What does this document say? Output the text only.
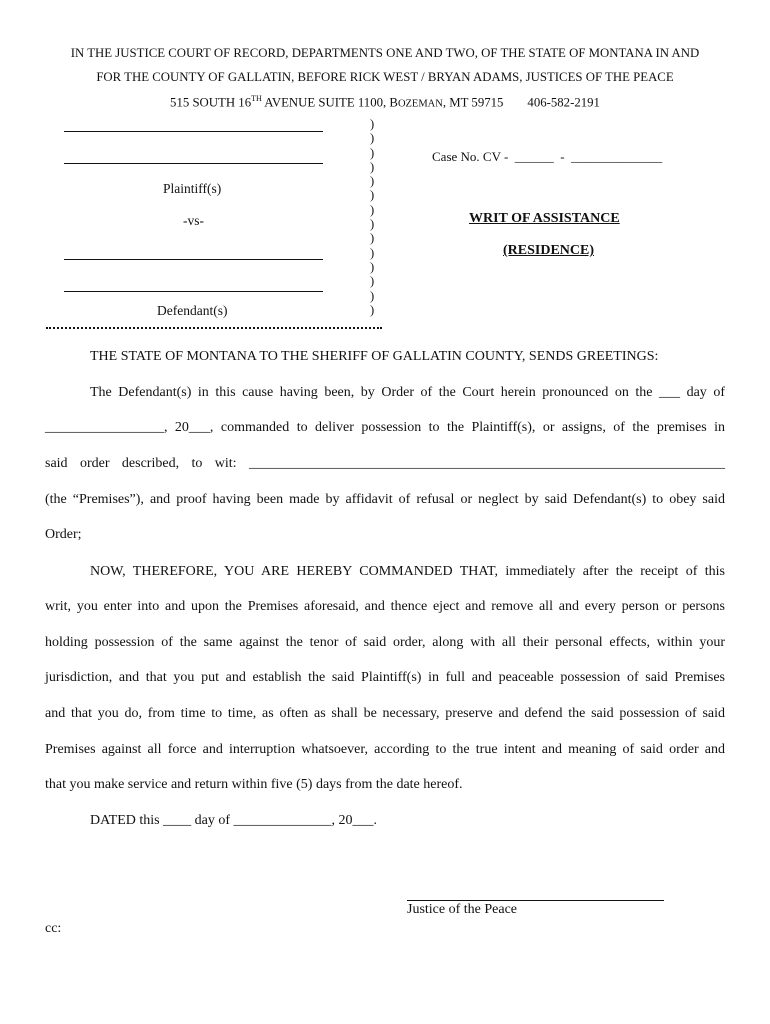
IN THE JUSTICE COURT OF RECORD, DEPARTMENTS ONE AND TWO, OF THE STATE OF MONTANA IN AND
FOR THE COUNTY OF GALLATIN, BEFORE RICK WEST / BRYAN ADAMS, JUSTICES OF THE PEACE
515 SOUTH 16TH AVENUE SUITE 1100, BOZEMAN, MT 59715 406-582-2191
Plaintiff(s)
-vs-
Defendant(s)
)
)
)
)
)
)
)
)
)
)
)
)
)
)
Case No. CV -  ______  -  ______________
WRIT OF ASSISTANCE
(RESIDENCE)
THE STATE OF MONTANA TO THE SHERIFF OF GALLATIN COUNTY, SENDS GREETINGS:
The Defendant(s) in this cause having been, by Order of the Court herein pronounced on the ___ day of
_________________, 20___, commanded to deliver possession to the Plaintiff(s), or assigns, of the premises in
said order described, to wit: ____________________________________________________________________
(the “Premises”), and proof having been made by affidavit of refusal or neglect by said Defendant(s) to obey said
Order;
NOW, THEREFORE, YOU ARE HEREBY COMMANDED THAT, immediately after the receipt of this
writ, you enter into and upon the Premises aforesaid, and thence eject and remove all and every person or persons
holding possession of the same against the tenor of said order, along with all their personal effects, within your
jurisdiction, and that you put and establish the said Plaintiff(s) in full and peaceable possession of said Premises
and that you do, from time to time, as often as shall be necessary, preserve and defend the said possession of said
Premises against all force and interruption whatsoever, according to the true intent and meaning of said order and
that you make service and return within five (5) days from the date hereof.
DATED this ____ day of ______________, 20___.
Justice of the Peace
cc:
